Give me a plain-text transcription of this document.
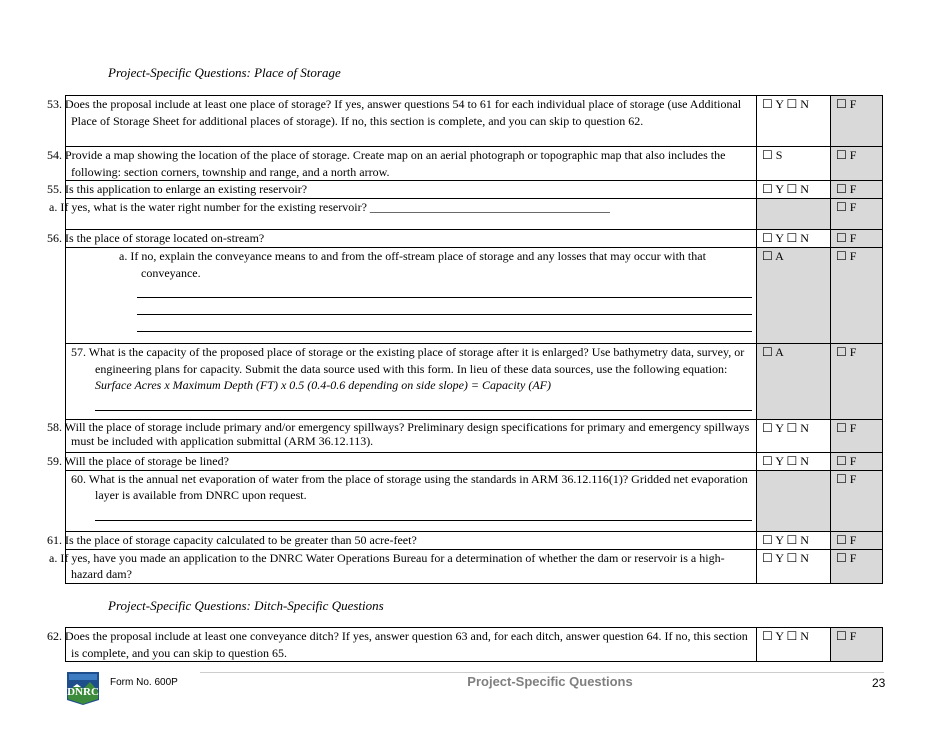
Project-Specific Questions: Place of Storage
53. Does the proposal include at least one place of storage? If yes, answer questions 54 to 61 for each individual place of storage (use Additional Place of Storage Sheet for additional places of storage). If no, this section is complete, and you can skip to question 62.	☐ Y ☐ N	☐ F
54. Provide a map showing the location of the place of storage. Create map on an aerial photograph or topographic map that also includes the following: section corners, township and range, and a north arrow.	☐ S	☐ F
55. Is this application to enlarge an existing reservoir?	☐ Y ☐ N	☐ F
a. If yes, what is the water right number for the existing reservoir? ________________________________________		☐ F
56. Is the place of storage located on-stream?	☐ Y ☐ N	☐ F

a. If no, explain the conveyance means to and from the off-stream place of storage and any losses that may occur with that conveyance.	☐ A	☐ F

57. What is the capacity of the proposed place of storage or the existing place of storage after it is enlarged? Use bathymetry data, survey, or engineering plans for capacity. Submit the data source used with this form. In lieu of these data sources, use the following equation:  Surface Acres x Maximum Depth (FT) x 0.5 (0.4-0.6 depending on side slope) = Capacity (AF)	☐ A	☐ F
58. Will the place of storage include primary and/or emergency spillways? Preliminary design specifications for primary and emergency spillways must be included with application submittal (ARM 36.12.113).	☐ Y ☐ N	☐ F
59. Will the place of storage be lined?	☐ Y ☐ N	☐ F

60. What is the annual net evaporation of water from the place of storage using the standards in ARM 36.12.116(1)? Gridded net evaporation layer is available from DNRC upon request.		☐ F
61. Is the place of storage capacity calculated to be greater than 50 acre-feet?	☐ Y ☐ N	☐ F
a. If yes, have you made an application to the DNRC Water Operations Bureau for a determination of whether the dam or reservoir is a high-hazard dam?	☐ Y ☐ N	☐ F
Project-Specific Questions: Ditch-Specific Questions
62. Does the proposal include at least one conveyance ditch? If yes, answer question 63 and, for each ditch, answer question 64. If no, this section is complete, and you can skip to question 65.	☐ Y ☐ N	☐ F
DNRC
Form No. 600P	Project-Specific Questions	23
